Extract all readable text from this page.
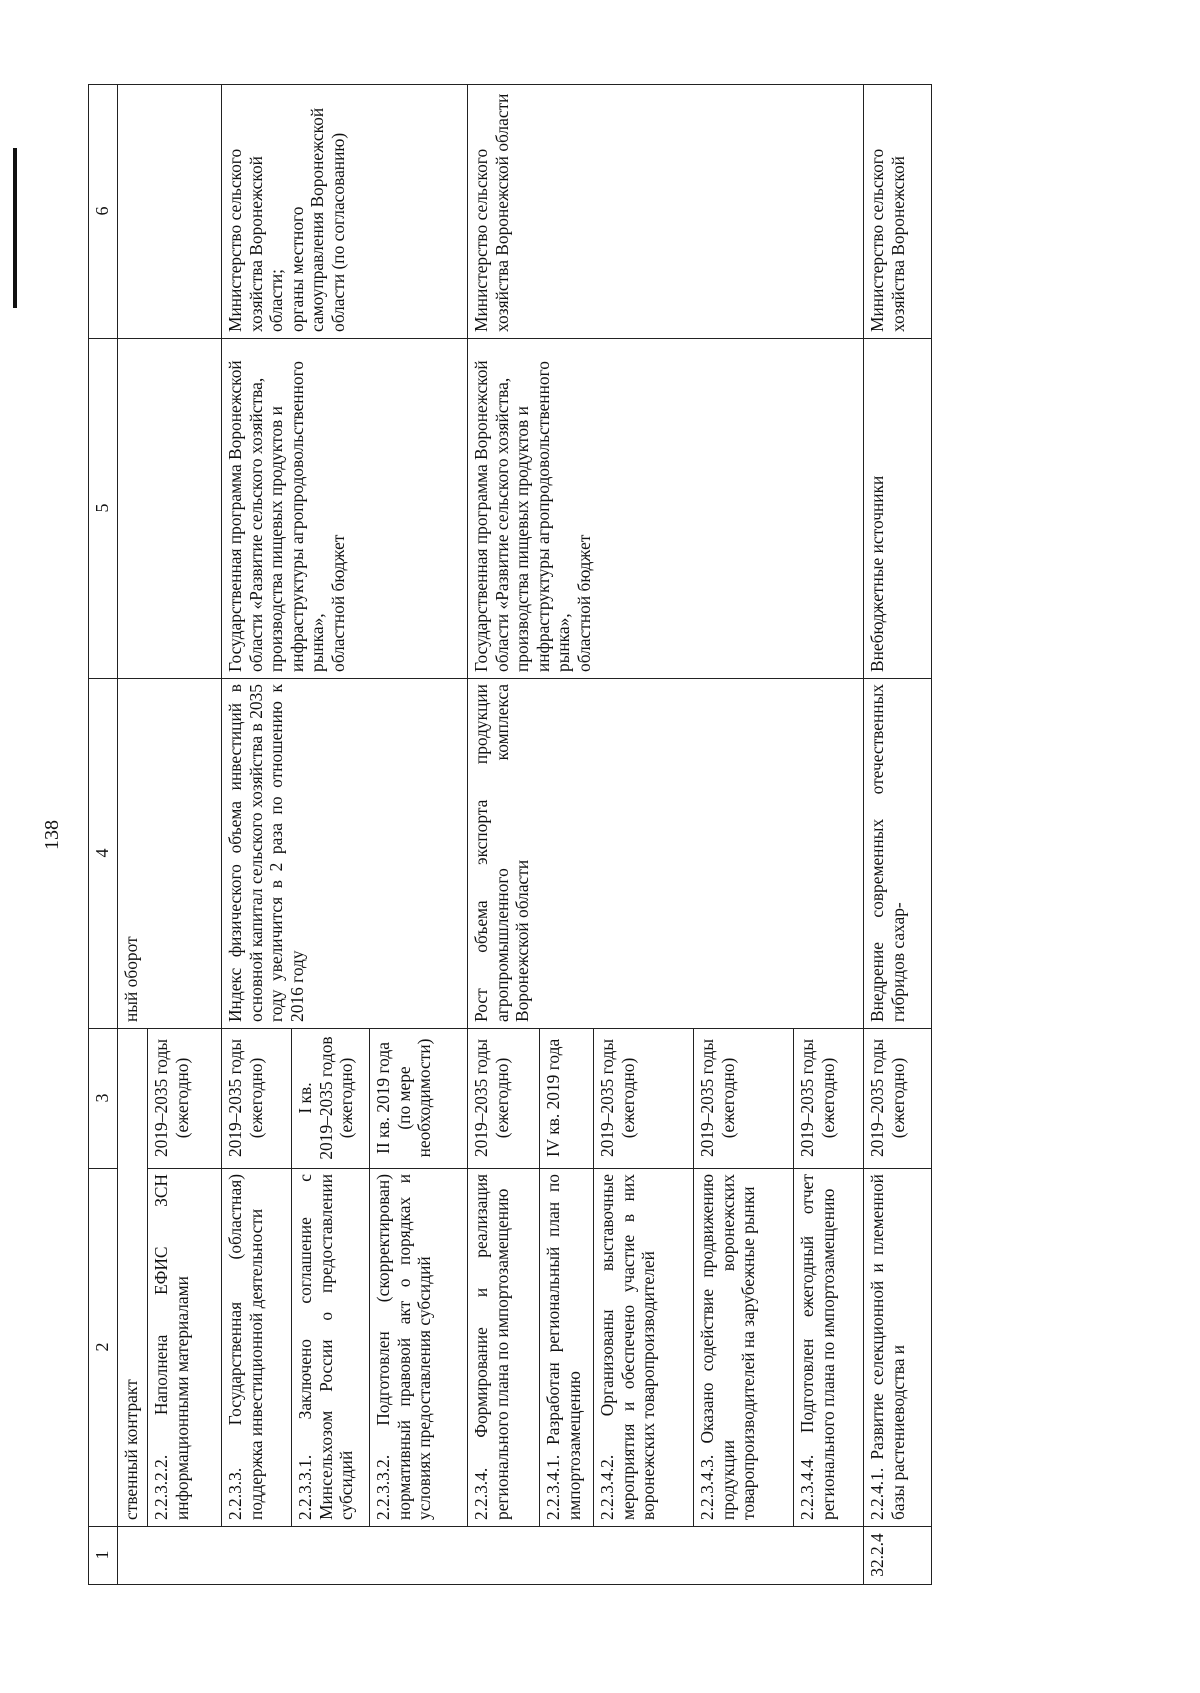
138
1	2	3	4	5	6
	ственный контракт		ный оборот		
	2.2.3.2.2. Наполнена ЕФИС ЗСН информационными материалами	2019–2035 годы (ежегодно)			
	2.2.3.3. Государственная (областная) поддержка инвестиционной деятельности	2019–2035 годы (ежегодно)	Индекс физического объема инвестиций в основной капитал сельского хозяйства в 2035 году увеличится в 2 раза по отношению к 2016 году	Государственная программа Воронежской области «Развитие сельского хозяйства, производства пищевых продуктов и инфраструктуры агропродовольственного рынка»,
областной бюджет	Министерство сельского хозяйства Воронежской области;
органы местного самоуправления Воронежской области (по согласованию)
	2.2.3.3.1. Заключено соглашение с Минсельхозом России о предоставлении субсидий	I кв.
2019–2035 годов
(ежегодно)			
	2.2.3.3.2. Подготовлен (скорректирован) нормативный правовой акт о порядках и условиях предоставления субсидий	II кв. 2019 года (по мере необходимости)			
	2.2.3.4. Формирование и реализация регионального плана по импортозамещению	2019–2035 годы (ежегодно)	Рост объема экспорта продукции агропромышленного комплекса Воронежской области	Государственная программа Воронежской области «Развитие сельского хозяйства, производства пищевых продуктов и инфраструктуры агропродовольственного рынка»,
областной бюджет	Министерство сельского хозяйства Воронежской области
	2.2.3.4.1. Разработан региональный план по импортозамещению	IV кв. 2019 года			
	2.2.3.4.2. Организованы выставочные мероприятия и обеспечено участие в них воронежских товаропроизводителей	2019–2035 годы (ежегодно)			
	2.2.3.4.3. Оказано содействие продвижению продукции воронежских товаропроизводителей на зарубежные рынки	2019–2035 годы (ежегодно)			
	2.2.3.4.4. Подготовлен ежегодный отчет регионального плана по импортозамещению	2019–2035 годы (ежегодно)			
32.2.4	2.2.4.1. Развитие селекционной и племенной базы растениеводства и	2019–2035 годы (ежегодно)	Внедрение современных отечественных гибридов сахар-	Внебюджетные источники	Министерство сельского хозяйства Воронежской
